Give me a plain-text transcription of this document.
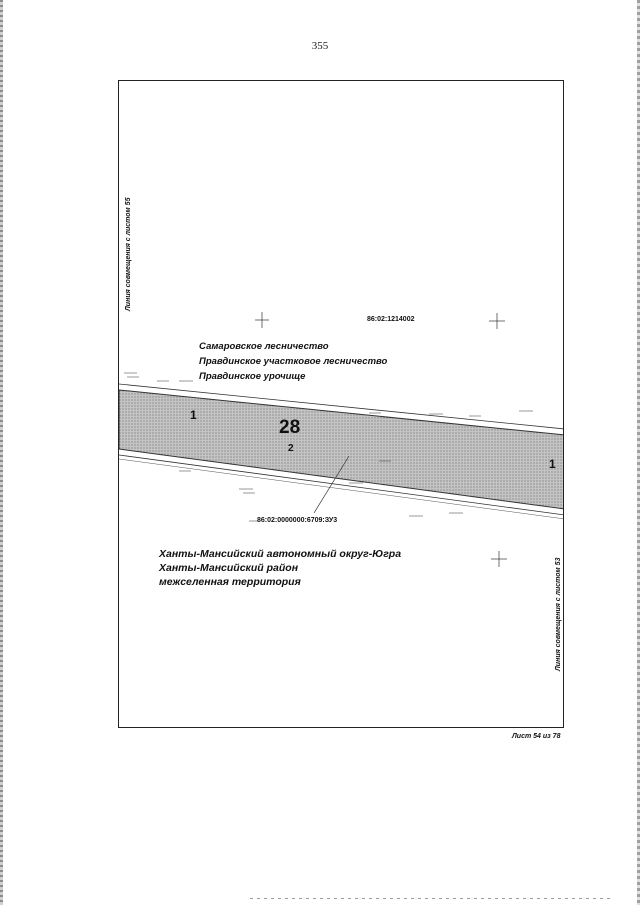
355
Линия совмещения с листом 55
Линия совмещения с листом 53
86:02:1214002
Самаровское лесничество
Правдинское участковое лесничество
Правдинское урочище
1
28
2
1
86:02:0000000:6709:ЗУ3
Ханты-Мансийский автономный округ-Югра
Ханты-Мансийский район
межселенная территория
Лист 54 из 78
